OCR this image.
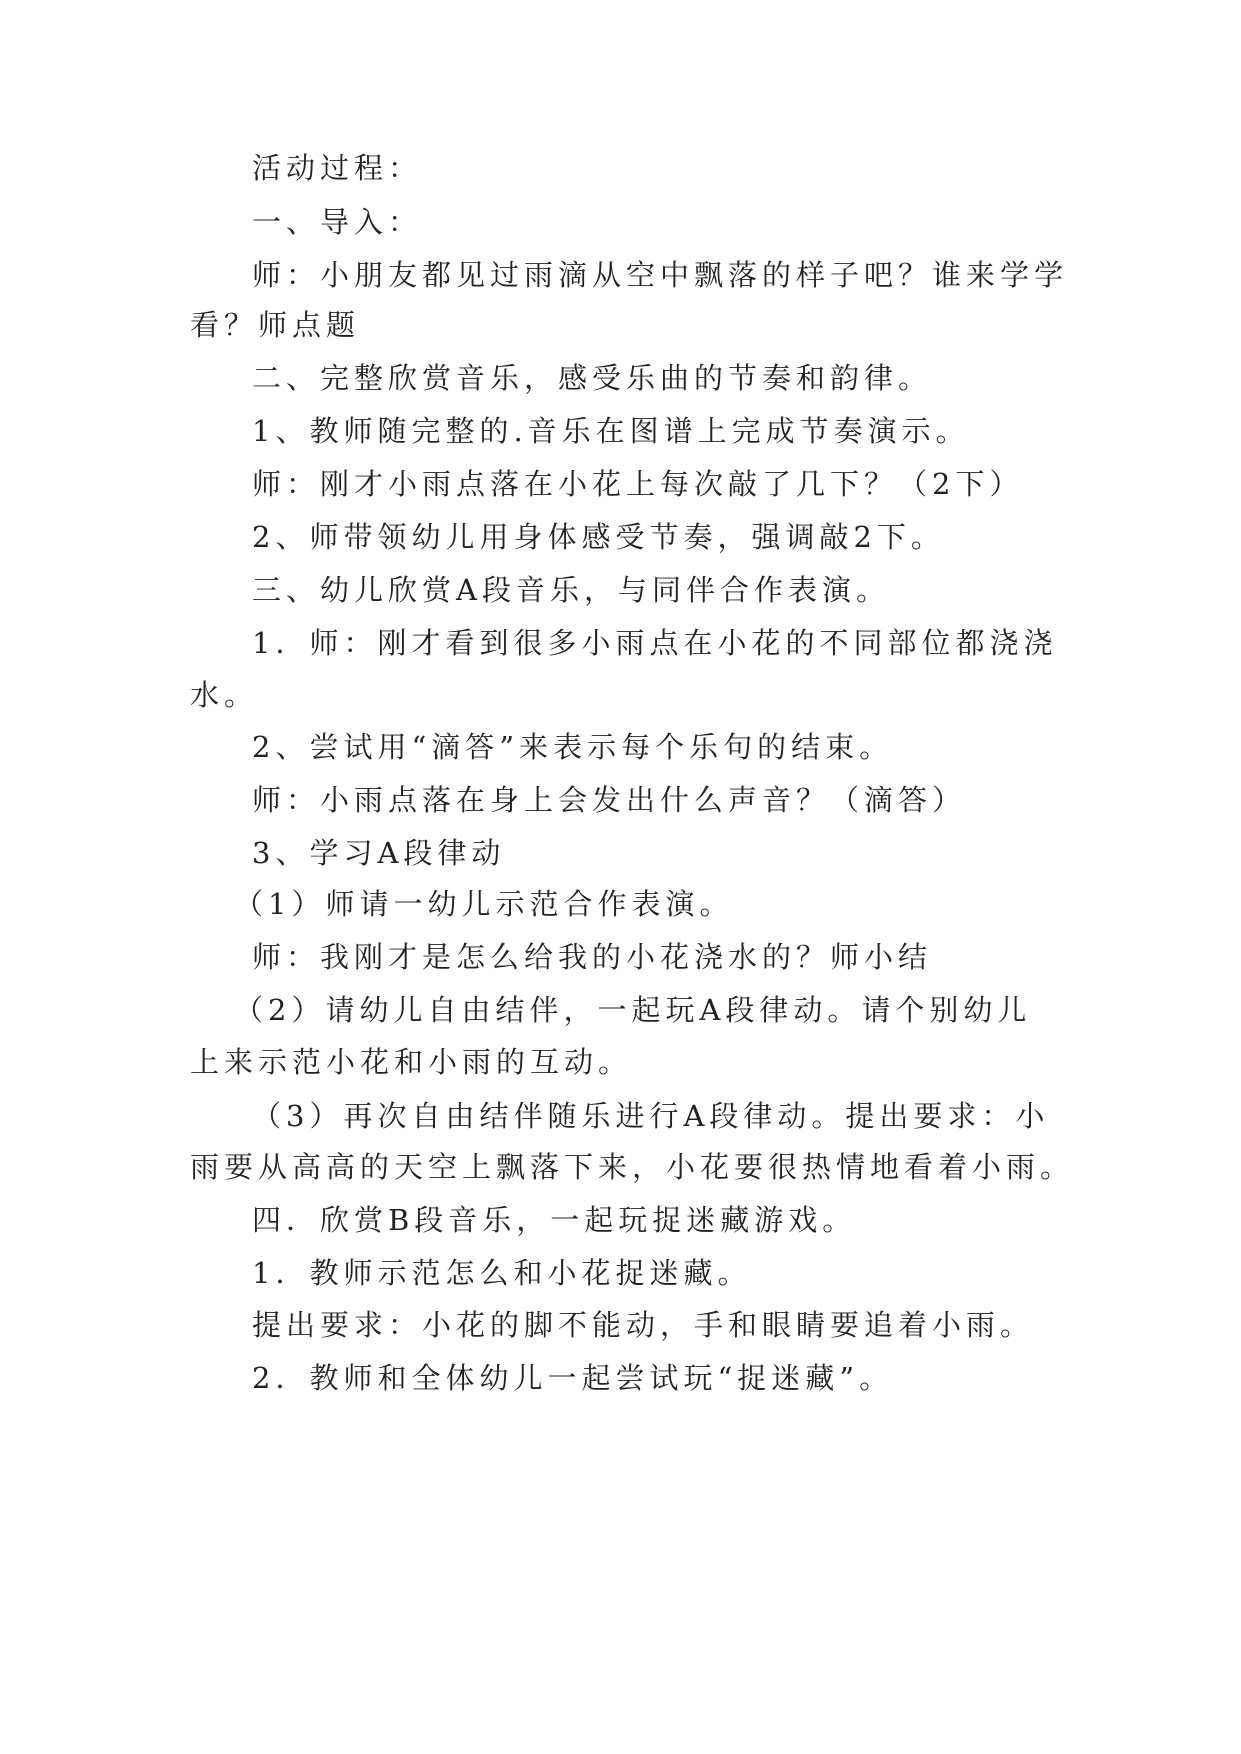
活动过程：

一、导入：

师：小朋友都见过雨滴从空中飘落的样子吧？谁来学学

看？师点题

二、完整欣赏音乐，感受乐曲的节奏和韵律。

1、教师随完整的.音乐在图谱上完成节奏演示。

师：刚才小雨点落在小花上每次敲了几下？（2下）

2、师带领幼儿用身体感受节奏，强调敲2下。

三、幼儿欣赏A段音乐，与同伴合作表演。

1．师：刚才看到很多小雨点在小花的不同部位都浇浇

水。

2、尝试用“滴答”来表示每个乐句的结束。

师：小雨点落在身上会发出什么声音？（滴答）

3、学习A段律动

（1）师请一幼儿示范合作表演。

师：我刚才是怎么给我的小花浇水的？师小结

（2）请幼儿自由结伴，一起玩A段律动。请个别幼儿

上来示范小花和小雨的互动。

（3）再次自由结伴随乐进行A段律动。提出要求：小

雨要从高高的天空上飘落下来，小花要很热情地看着小雨。

四．欣赏B段音乐，一起玩捉迷藏游戏。

1．教师示范怎么和小花捉迷藏。

提出要求：小花的脚不能动，手和眼睛要追着小雨。

2．教师和全体幼儿一起尝试玩“捉迷藏”。
